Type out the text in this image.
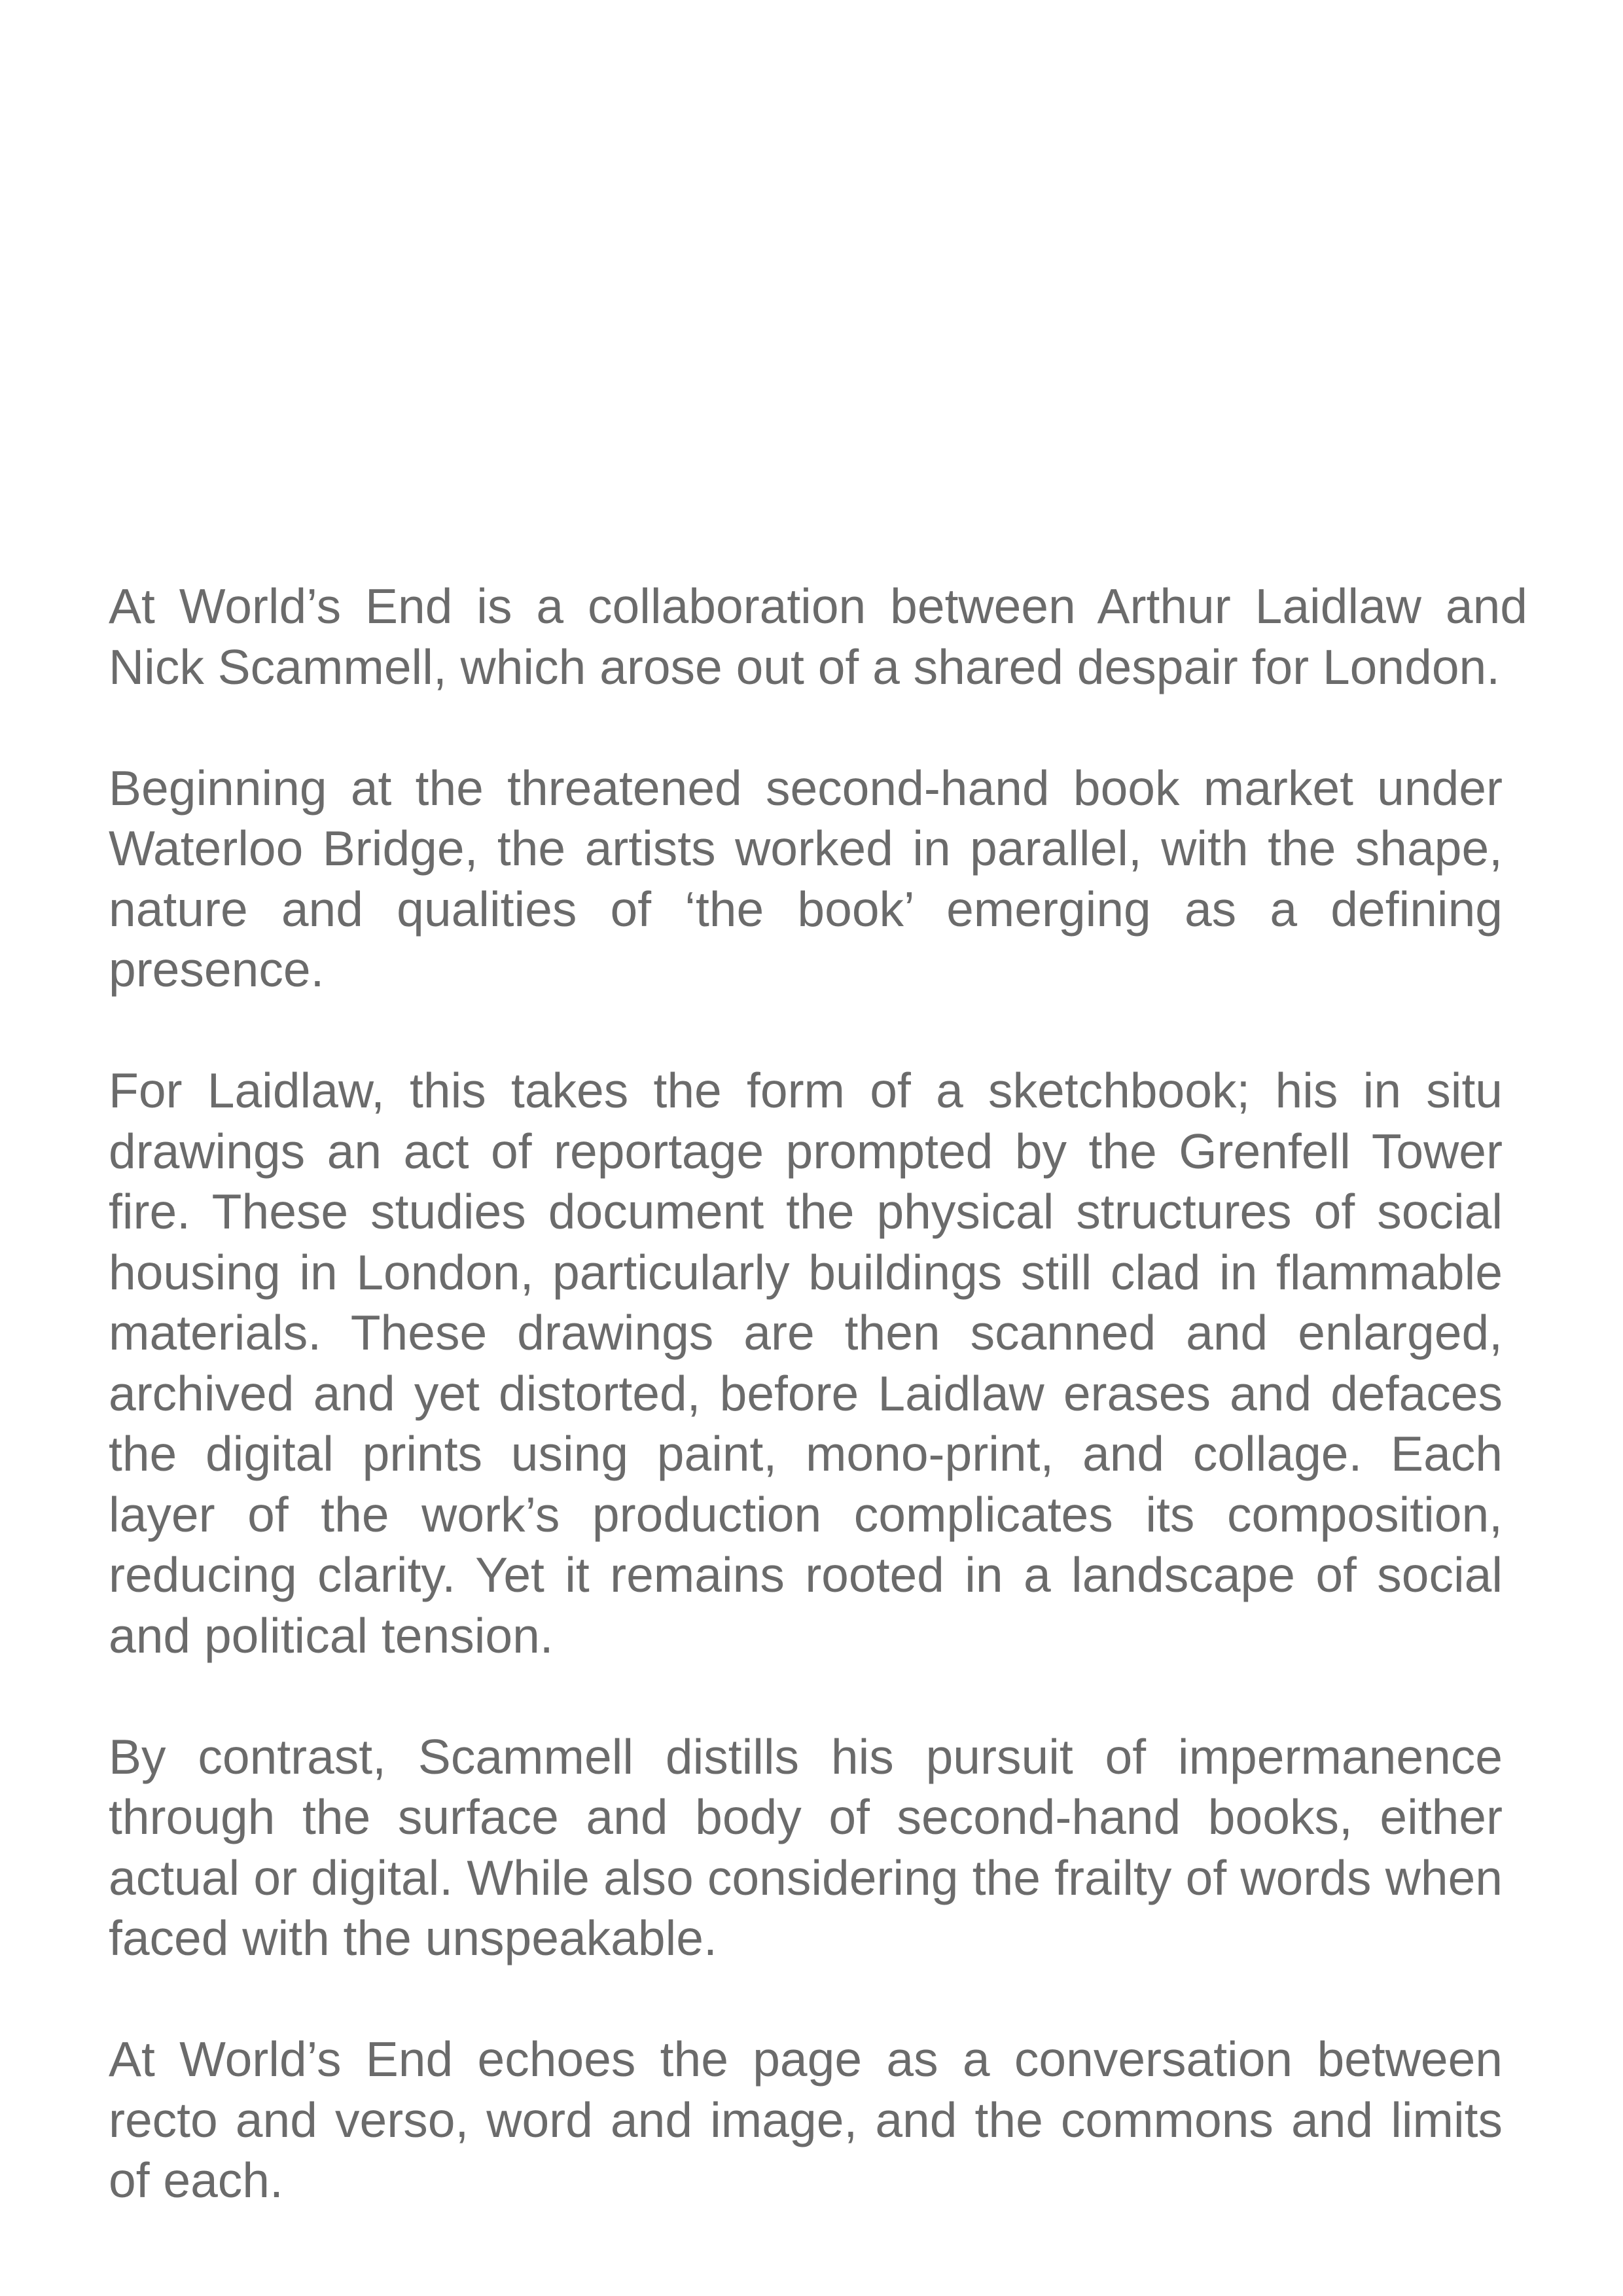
At World’s End is a collaboration between Arthur Laidlaw and Nick Scammell, which arose out of a shared despair for London.

Beginning at the threatened second-hand book market under Waterloo Bridge, the artists worked in parallel, with the shape, nature and qualities of ‘the book’ emerging as a defining presence.

For Laidlaw, this takes the form of a sketchbook; his in situ drawings an act of reportage prompted by the Grenfell Tower fire. These studies document the physical structures of social housing in London, particularly buildings still clad in flammable materials. These drawings are then scanned and enlarged, archived and yet distorted, before Laidlaw erases and defaces the digital prints using paint, mono-print, and collage. Each layer of the work’s production complicates its composition, reducing clarity. Yet it remains rooted in a landscape of social and political tension.

By contrast, Scammell distills his pursuit of impermanence through the surface and body of second-hand books, either actual or digital. While also considering the frailty of words when faced with the unspeakable.

At World’s End echoes the page as a conversation between recto and verso, word and image, and the commons and limits of each.
